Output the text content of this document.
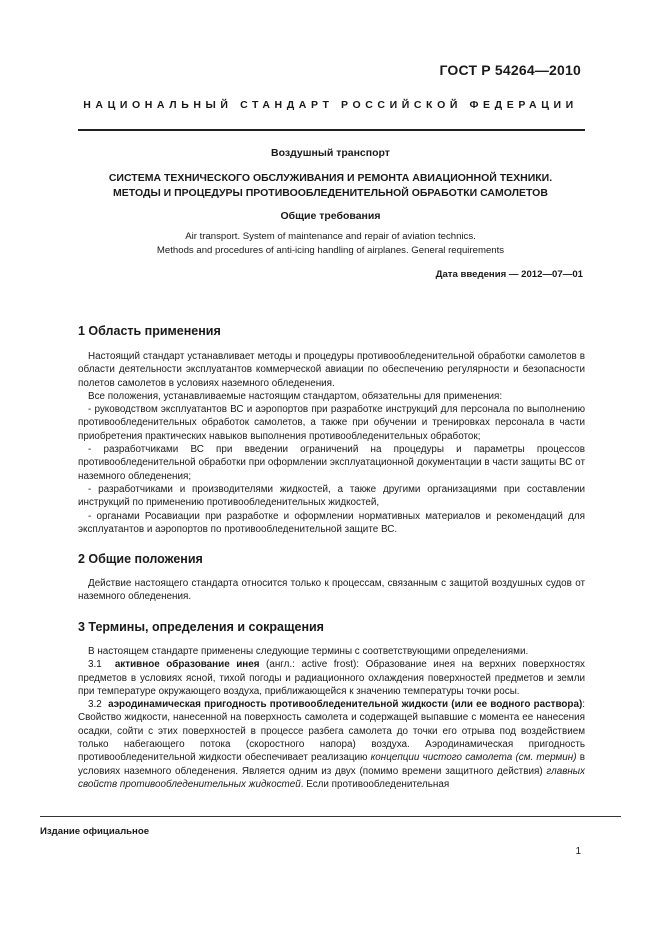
ГОСТ Р 54264—2010
НАЦИОНАЛЬНЫЙ СТАНДАРТ РОССИЙСКОЙ ФЕДЕРАЦИИ
Воздушный транспорт
СИСТЕМА ТЕХНИЧЕСКОГО ОБСЛУЖИВАНИЯ И РЕМОНТА АВИАЦИОННОЙ ТЕХНИКИ.
МЕТОДЫ И ПРОЦЕДУРЫ ПРОТИВООБЛЕДЕНИТЕЛЬНОЙ ОБРАБОТКИ САМОЛЕТОВ
Общие требования
Air transport. System of maintenance and repair of aviation technics.
Methods and procedures of anti-icing handling of airplanes. General requirements
Дата введения — 2012—07—01
1 Область применения

Настоящий стандарт устанавливает методы и процедуры противообледенительной обработки самолетов в области деятельности эксплуатантов коммерческой авиации по обеспечению регулярности и безопасности полетов самолетов в условиях наземного обледенения.

Все положения, устанавливаемые настоящим стандартом, обязательны для применения:

- руководством эксплуатантов ВС и аэропортов при разработке инструкций для персонала по выполнению противообледенительных обработок самолетов, а также при обучении и тренировках персонала в части приобретения практических навыков выполнения противообледенительных обработок;

- разработчиками ВС при введении ограничений на процедуры и параметры процессов противообледенительной обработки при оформлении эксплуатационной документации в части защиты ВС от наземного обледенения;

- разработчиками и производителями жидкостей, а также другими организациями при составлении инструкций по применению противообледенительных жидкостей,

- органами Росавиации при разработке и оформлении нормативных материалов и рекомендаций для эксплуатантов и аэропортов по противообледенительной защите ВС.

2 Общие положения

Действие настоящего стандарта относится только к процессам, связанным с защитой воздушных судов от наземного обледенения.

3 Термины, определения и сокращения

В настоящем стандарте применены следующие термины с соответствующими определениями.

3.1 активное образование инея (англ.: active frost): Образование инея на верхних поверхностях предметов в условиях ясной, тихой погоды и радиационного охлаждения поверхностей предметов и земли при температуре окружающего воздуха, приближающейся к значению температуры точки росы.

3.2 аэродинамическая пригодность противообледенительной жидкости (или ее водного раствора): Свойство жидкости, нанесенной на поверхность самолета и содержащей выпавшие с момента ее нанесения осадки, сойти с этих поверхностей в процессе разбега самолета до точки его отрыва под воздействием только набегающего потока (скоростного напора) воздуха. Аэродинамическая пригодность противообледенительной жидкости обеспечивает реализацию концепции чистого самолета (см. термин) в условиях наземного обледенения. Является одним из двух (помимо времени защитного действия) главных свойств противообледенительных жидкостей. Если противообледенительная

Издание официальное
1
